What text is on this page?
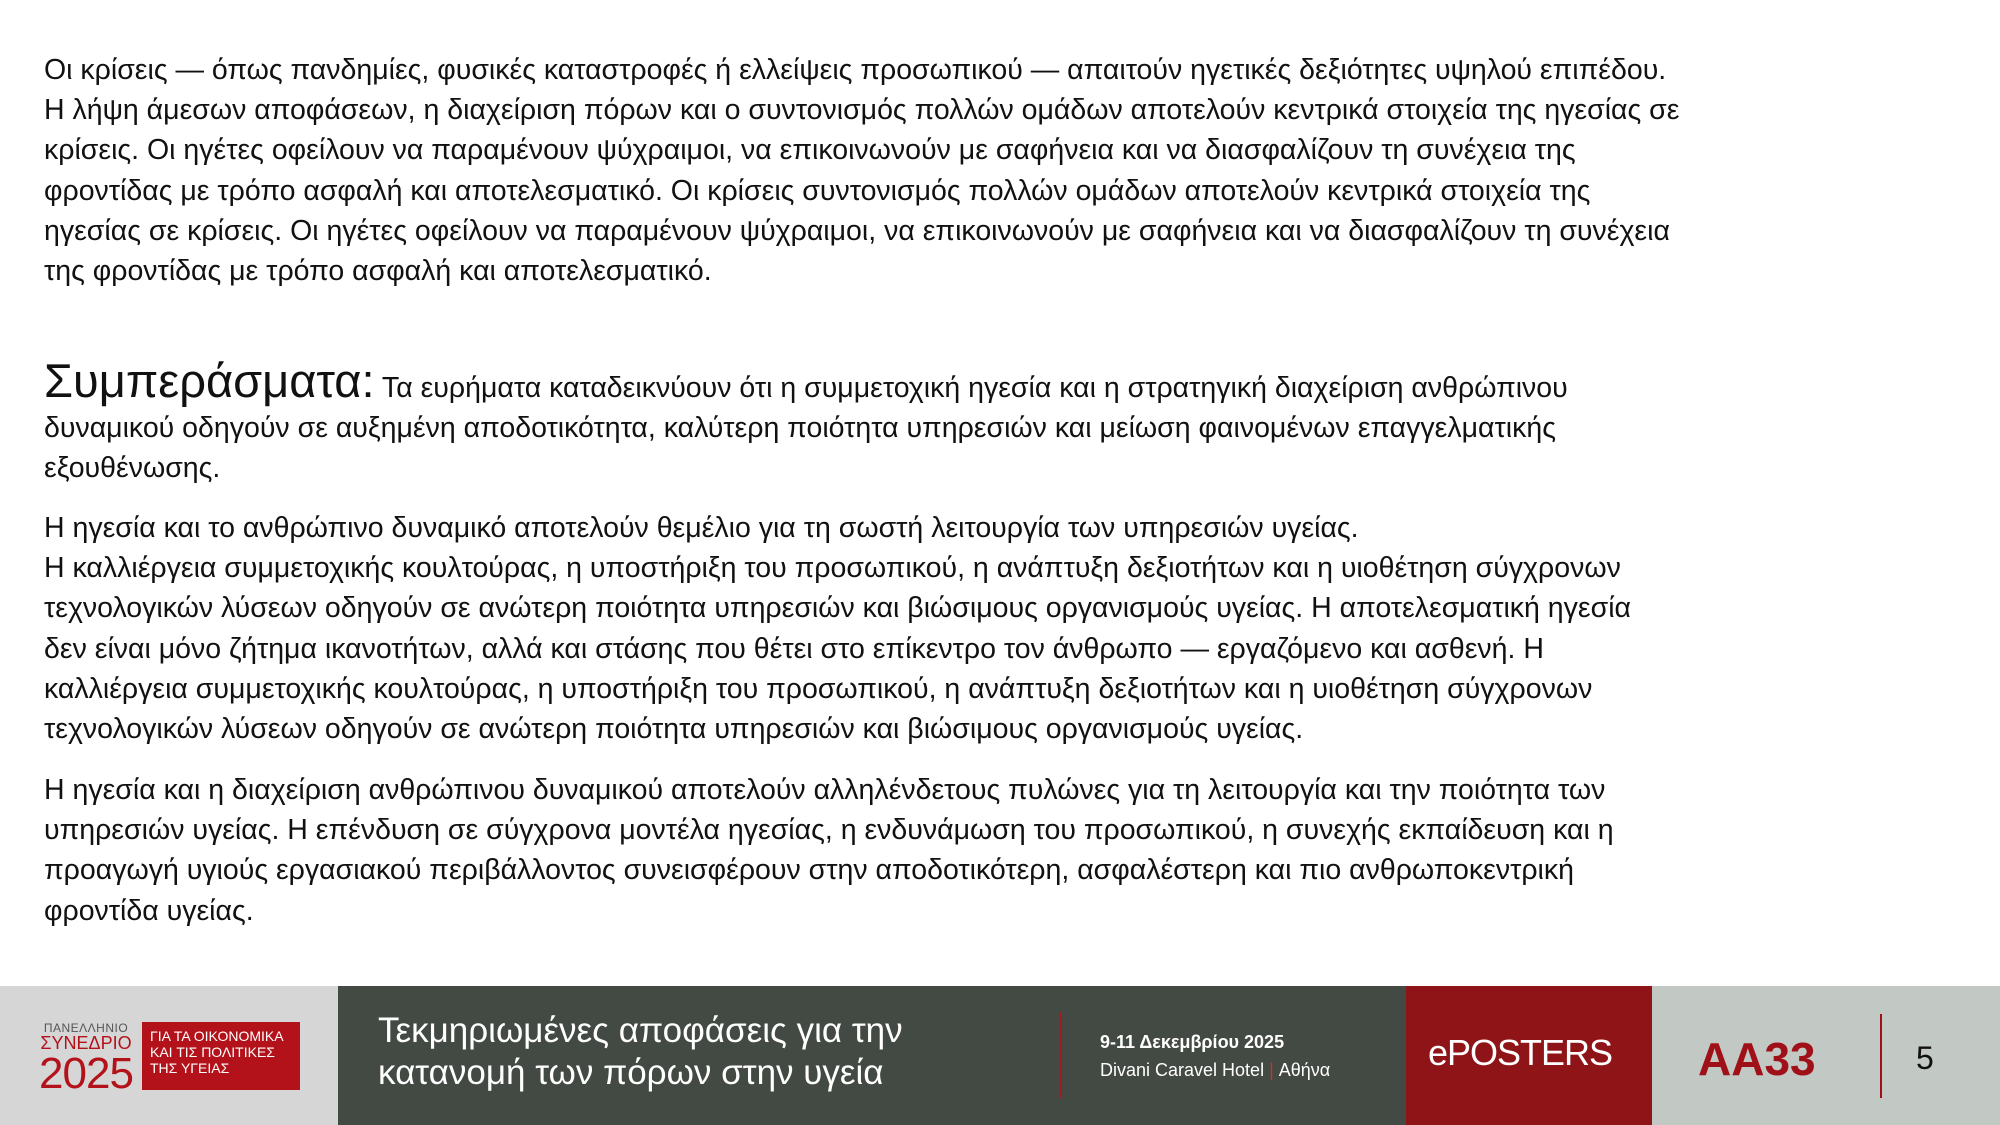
Οι κρίσεις — όπως πανδημίες, φυσικές καταστροφές ή ελλείψεις προσωπικού — απαιτούν ηγετικές δεξιότητες υψηλού επιπέδου.
Η λήψη άμεσων αποφάσεων, η διαχείριση πόρων και ο συντονισμός πολλών ομάδων αποτελούν κεντρικά στοιχεία της ηγεσίας σε
κρίσεις. Οι ηγέτες οφείλουν να παραμένουν ψύχραιμοι, να επικοινωνούν με σαφήνεια και να διασφαλίζουν τη συνέχεια της
φροντίδας με τρόπο ασφαλή και αποτελεσματικό. Οι κρίσεις συντονισμός πολλών ομάδων αποτελούν κεντρικά στοιχεία της
ηγεσίας σε κρίσεις. Οι ηγέτες οφείλουν να παραμένουν ψύχραιμοι, να επικοινωνούν με σαφήνεια και να διασφαλίζουν τη συνέχεια
της φροντίδας με τρόπο ασφαλή και αποτελεσματικό.

Συμπεράσματα: Τα ευρήματα καταδεικνύουν ότι η συμμετοχική ηγεσία και η στρατηγική διαχείριση ανθρώπινου
δυναμικού οδηγούν σε αυξημένη αποδοτικότητα, καλύτερη ποιότητα υπηρεσιών και μείωση φαινομένων επαγγελματικής
εξουθένωσης.

Η ηγεσία και το ανθρώπινο δυναμικό αποτελούν θεμέλιο για τη σωστή λειτουργία των υπηρεσιών υγείας.
Η καλλιέργεια συμμετοχικής κουλτούρας, η υποστήριξη του προσωπικού, η ανάπτυξη δεξιοτήτων και η υιοθέτηση σύγχρονων
τεχνολογικών λύσεων οδηγούν σε ανώτερη ποιότητα υπηρεσιών και βιώσιμους οργανισμούς υγείας. Η αποτελεσματική ηγεσία
δεν είναι μόνο ζήτημα ικανοτήτων, αλλά και στάσης που θέτει στο επίκεντρο τον άνθρωπο — εργαζόμενο και ασθενή. Η
καλλιέργεια συμμετοχικής κουλτούρας, η υποστήριξη του προσωπικού, η ανάπτυξη δεξιοτήτων και η υιοθέτηση σύγχρονων
τεχνολογικών λύσεων οδηγούν σε ανώτερη ποιότητα υπηρεσιών και βιώσιμους οργανισμούς υγείας.

Η ηγεσία και η διαχείριση ανθρώπινου δυναμικού αποτελούν αλληλένδετους πυλώνες για τη λειτουργία και την ποιότητα των
υπηρεσιών υγείας. Η επένδυση σε σύγχρονα μοντέλα ηγεσίας, η ενδυνάμωση του προσωπικού, η συνεχής εκπαίδευση και η
προαγωγή υγιούς εργασιακού περιβάλλοντος συνεισφέρουν στην αποδοτικότερη, ασφαλέστερη και πιο ανθρωποκεντρική
φροντίδα υγείας.

ΠΑΝΕΛΛΗΝΙΟ
ΣΥΝΕΔΡΙΟ
2025
ΓΙΑ ΤΑ ΟΙΚΟΝΟΜΙΚΑ
ΚΑΙ ΤΙΣ ΠΟΛΙΤΙΚΕΣ
ΤΗΣ ΥΓΕΙΑΣ
Τεκμηριωμένες αποφάσεις για την
κατανομή των πόρων στην υγεία
9-11 Δεκεμβρίου 2025
Divani Caravel Hotel | Αθήνα	ePOSTERS AA33	5
